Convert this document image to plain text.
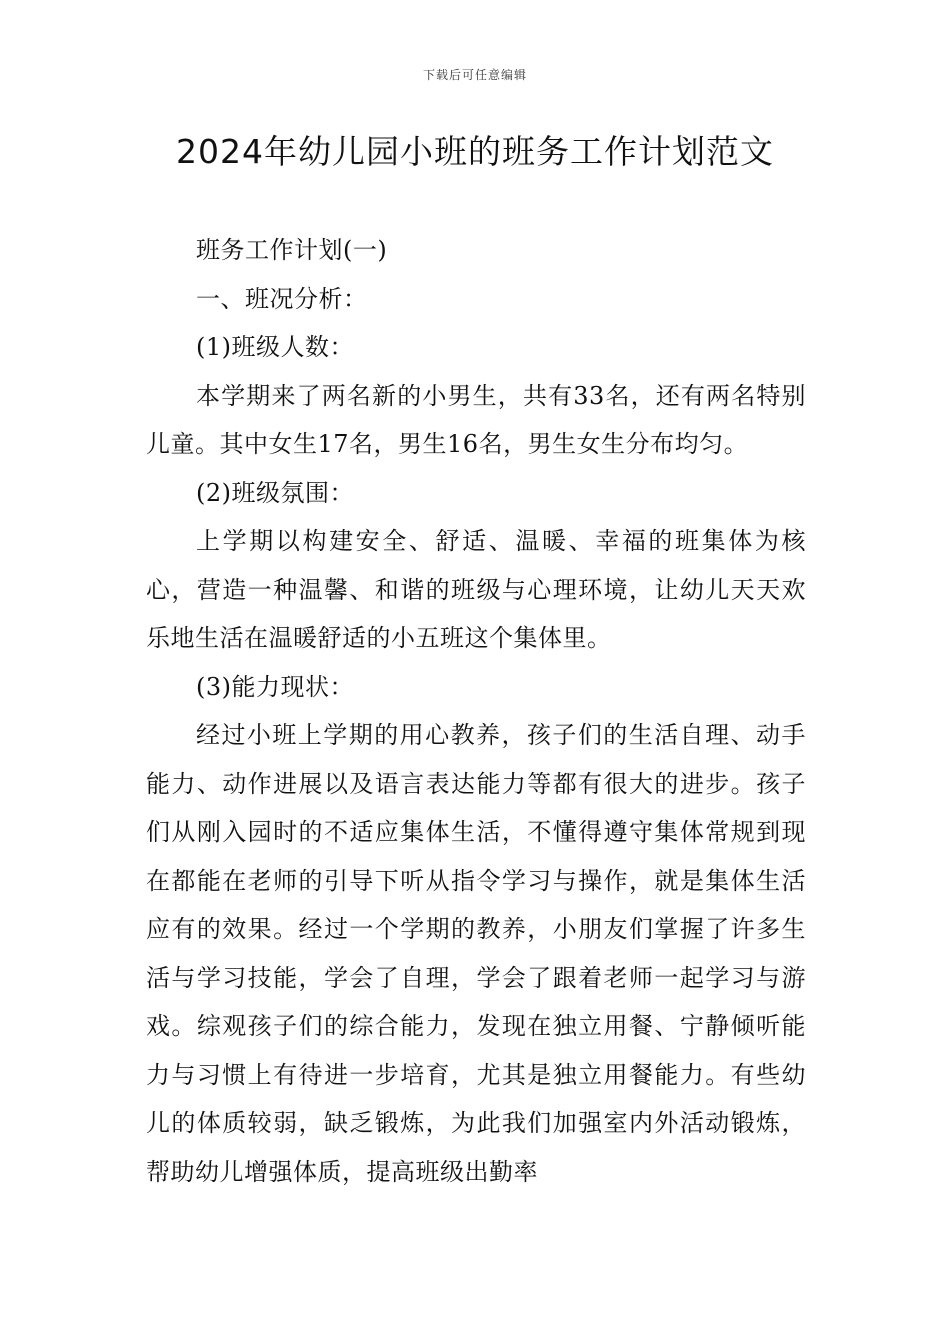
下载后可任意编辑
2024年幼儿园小班的班务工作计划范文

班务工作计划(一)

一、班况分析：

(1)班级人数：

本学期来了两名新的小男生，共有33名，还有两名特别儿童。其中女生17名，男生16名，男生女生分布均匀。

(2)班级氛围：

上学期以构建安全、舒适、温暖、幸福的班集体为核心，营造一种温馨、和谐的班级与心理环境，让幼儿天天欢乐地生活在温暖舒适的小五班这个集体里。

(3)能力现状：

经过小班上学期的用心教养，孩子们的生活自理、动手能力、动作进展以及语言表达能力等都有很大的进步。孩子们从刚入园时的不适应集体生活，不懂得遵守集体常规到现在都能在老师的引导下听从指令学习与操作，就是集体生活应有的效果。经过一个学期的教养，小朋友们掌握了许多生活与学习技能，学会了自理，学会了跟着老师一起学习与游戏。综观孩子们的综合能力，发现在独立用餐、宁静倾听能力与习惯上有待进一步培育，尤其是独立用餐能力。有些幼儿的体质较弱，缺乏锻炼，为此我们加强室内外活动锻炼，帮助幼儿增强体质，提高班级出勤率
